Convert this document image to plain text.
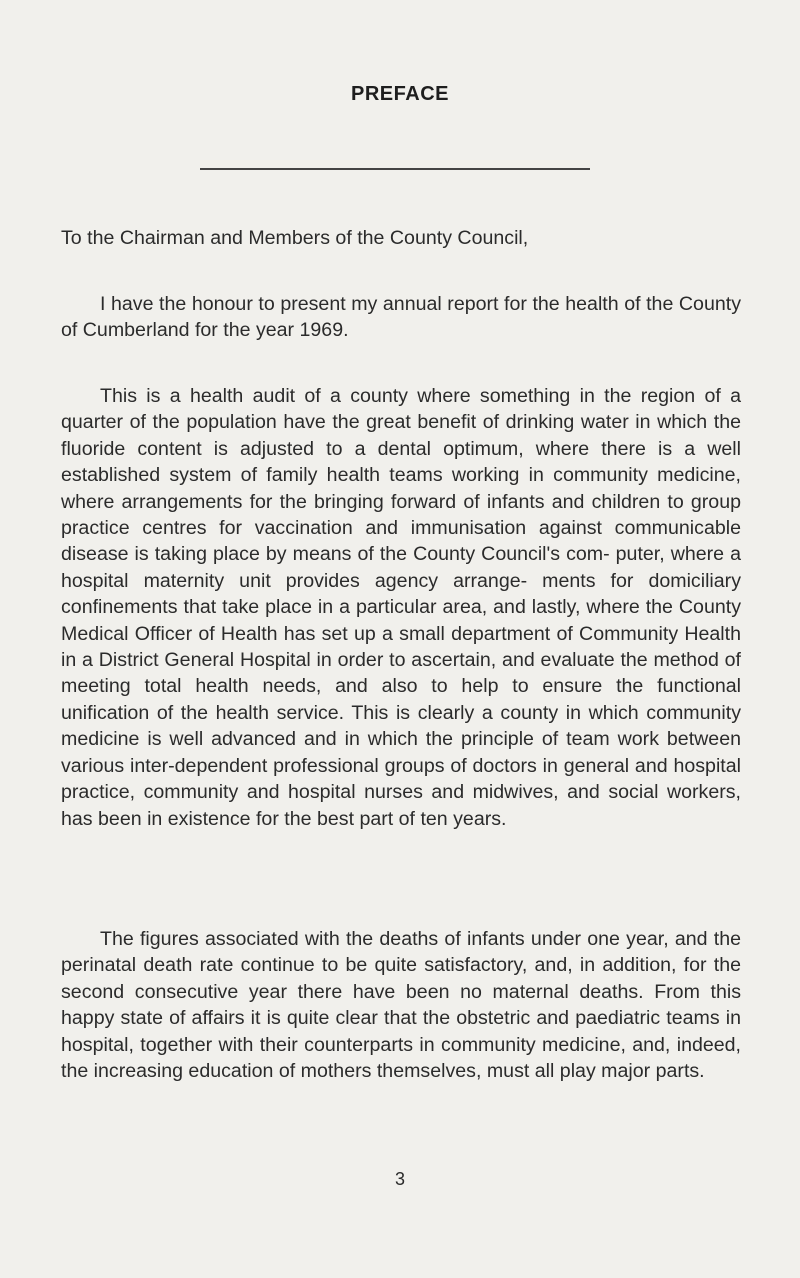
PREFACE

To the Chairman and Members of the County Council,

I have the honour to present my annual report for the health of the County of Cumberland for the year 1969.

This is a health audit of a county where something in the region of a quarter of the population have the great benefit of drinking water in which the fluoride content is adjusted to a dental optimum, where there is a well established system of family health teams working in community medicine, where arrangements for the bringing forward of infants and children to group practice centres for vaccination and immunisation against communicable disease is taking place by means of the County Council's com- puter, where a hospital maternity unit provides agency arrange- ments for domiciliary confinements that take place in a particular area, and lastly, where the County Medical Officer of Health has set up a small department of Community Health in a District General Hospital in order to ascertain, and evaluate the method of meeting total health needs, and also to help to ensure the functional unification of the health service. This is clearly a county in which community medicine is well advanced and in which the principle of team work between various inter-dependent professional groups of doctors in general and hospital practice, community and hospital nurses and midwives, and social workers, has been in existence for the best part of ten years.

The figures associated with the deaths of infants under one year, and the perinatal death rate continue to be quite satisfactory, and, in addition, for the second consecutive year there have been no maternal deaths. From this happy state of affairs it is quite clear that the obstetric and paediatric teams in hospital, together with their counterparts in community medicine, and, indeed, the increasing education of mothers themselves, must all play major parts.

3
